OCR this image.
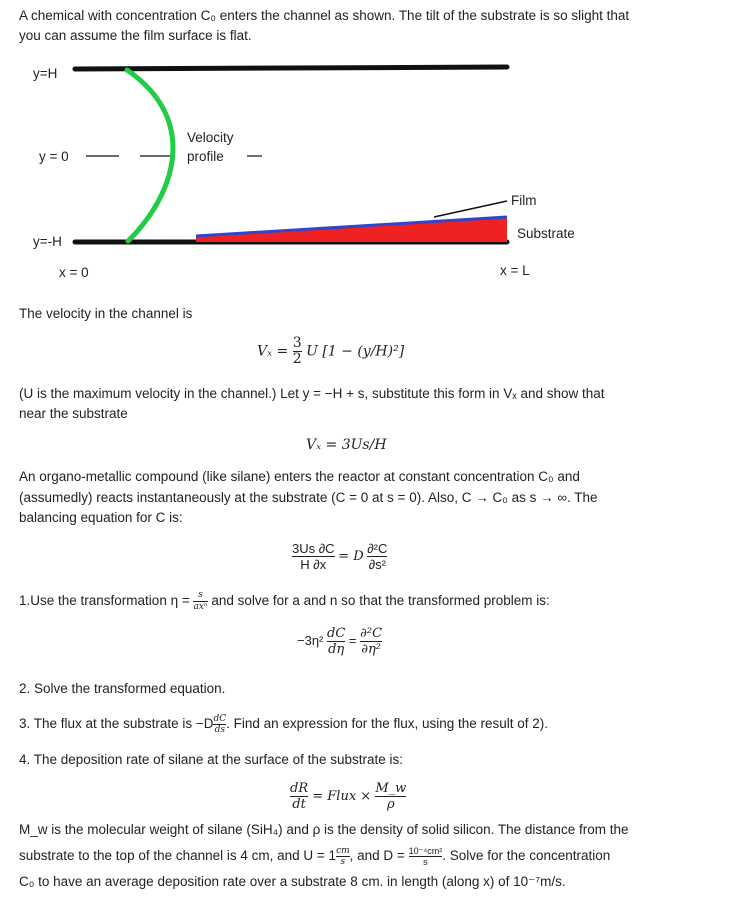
A chemical with concentration C₀ enters the channel as shown. The tilt of the substrate is so slight that
you can assume the film surface is flat.
y=H
y = 0
y=-H
x = 0	x = L
Velocity
profile
Film
Substrate
The velocity in the channel is
$V_x = \frac{3}{2}$ U [1 − (y/H)²]
(U is the maximum velocity in the channel.) Let y = −H + s, substitute this form in Vₓ and show that
near the substrate
Vₓ = 3Us/H
An organo-metallic compound (like silane) enters the reactor at constant concentration C₀ and
(assumedly) reacts instantaneously at the substrate (C = 0 at s = 0). Also, C → C₀ as s → ∞. The
balancing equation for C is:
$\frac{3Us \partial C}{H \partial x} = D \frac{\text{∂²C}}{\text{∂s²}}$
1.Use the transformation $\eta = \frac{s}{\text{axⁿ}}$ and solve for a and n so that the transformed problem is:
$-3\eta^2 \frac{dC}{d\eta} = \frac{\text{∂²C}}{\text{∂η²}}$
2. Solve the transformed equation.
3. The flux at the substrate is $-D \frac{dC}{ds}$ . Find an expression for the flux, using the result of 2).
4. The deposition rate of silane at the surface of the substrate is:
$\frac{dR}{dt}$ = Flux × $\frac{M\_w}{\rho}$
M_w is the molecular weight of silane (SiH₄) and ρ is the density of solid silicon. The distance from the
substrate to the top of the channel is 4 cm, and $U = 1 \frac{cm}{s}$ , and $D = \frac{\text{10⁻⁴cm²}}{s}$ . Solve for the concentration
C₀ to have an average deposition rate over a substrate 8 cm. in length (along x) of 10⁻⁷m/s.
